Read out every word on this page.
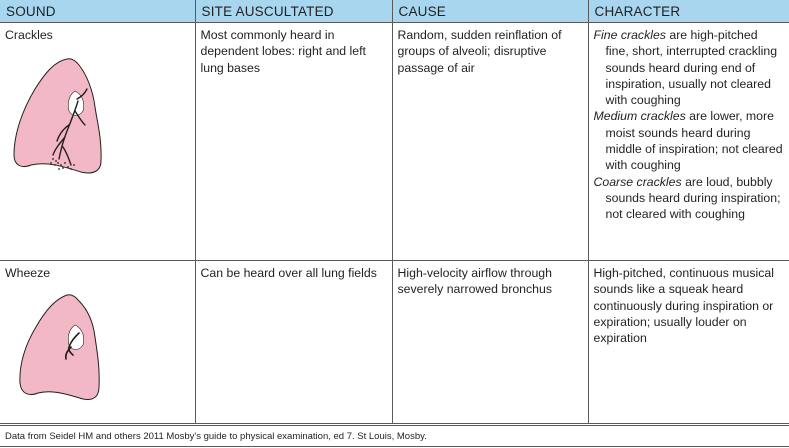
SOUND	SITE AUSCULTATED	CAUSE	CHARACTER
Crackles	Most commonly heard in dependent lobes: right and left lung bases	Random, sudden reinflation of groups of alveoli; disruptive passage of air	Fine crackles are high-pitched fine, short, interrupted crackling sounds heard during end of inspiration, usually not cleared with coughing
Medium crackles are lower, more moist sounds heard during middle of inspiration; not cleared with coughing
Coarse crackles are loud, bubbly sounds heard during inspiration; not cleared with coughing

Wheeze	Can be heard over all lung fields	High-velocity airflow through severely narrowed bronchus	High-pitched, continuous musical sounds like a squeak heard continuously during inspiration or expiration; usually louder on expiration
Data from Seidel HM and others 2011 Mosby's guide to physical examination, ed 7. St Louis, Mosby.
